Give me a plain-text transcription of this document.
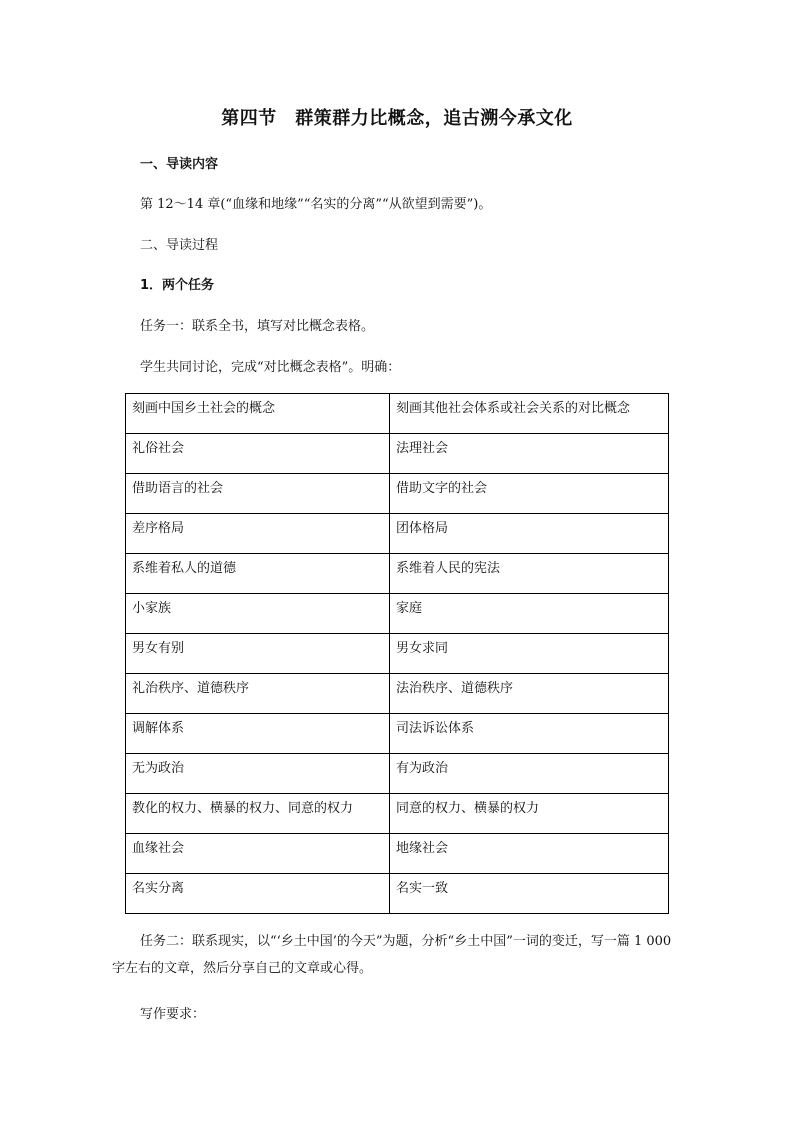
第四节　群策群力比概念，追古溯今承文化
一、导读内容
第 12～14 章(“血缘和地缘”“名实的分离”“从欲望到需要”)。
二、导读过程
1．两个任务
任务一：联系全书，填写对比概念表格。
学生共同讨论，完成“对比概念表格”。明确：
刻画中国乡土社会的概念	刻画其他社会体系或社会关系的对比概念
礼俗社会	法理社会
借助语言的社会	借助文字的社会
差序格局	团体格局
系维着私人的道德	系维着人民的宪法
小家族	家庭
男女有别	男女求同
礼治秩序、道德秩序	法治秩序、道德秩序
调解体系	司法诉讼体系
无为政治	有为政治
教化的权力、横暴的权力、同意的权力	同意的权力、横暴的权力
血缘社会	地缘社会
名实分离	名实一致
任务二：联系现实，以“‘乡土中国’的今天”为题，分析“乡土中国”一词的变迁，写一篇 1 000 字左右的文章，然后分享自己的文章或心得。
写作要求：
